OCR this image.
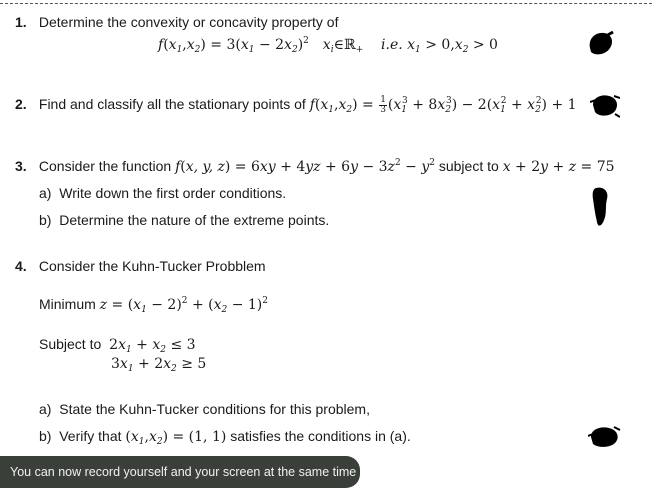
1. Determine the convexity or concavity property of
$f(x_1,x_2) = 3(x_1 - 2x_2)^2$ $x_i\in ℝ_+$ i.e. $x_1 > 0,x_2 > 0$
2. Find and classify all the stationary points of $f(x_1,x_2) = \frac{1}{3} (x_1^3 + 8x_2^3) - 2(x_1^2 + x_2^2) + 1$
3. Consider the function f(x, y, $z) = 6xy + 4yz + 6y - 3z^2 - y^2$ subject to x + 2y + z = 75
a) Write down the first order conditions.
b) Determine the nature of the extreme points.
4. Consider the Kuhn-Tucker Probblem
Minimum $z = (x_1 - 2)^2 + (x_2 - 1)^2$
Subject to $2x_1 + x_2 \le 3$
$3x_1 + 2x_2 \ge 5$
a) State the Kuhn-Tucker conditions for this problem,
b) Verify that $(x_1,x_2) = (1$, 1) satisfies the conditions in (a).
You can now record yourself and your screen at the same time
